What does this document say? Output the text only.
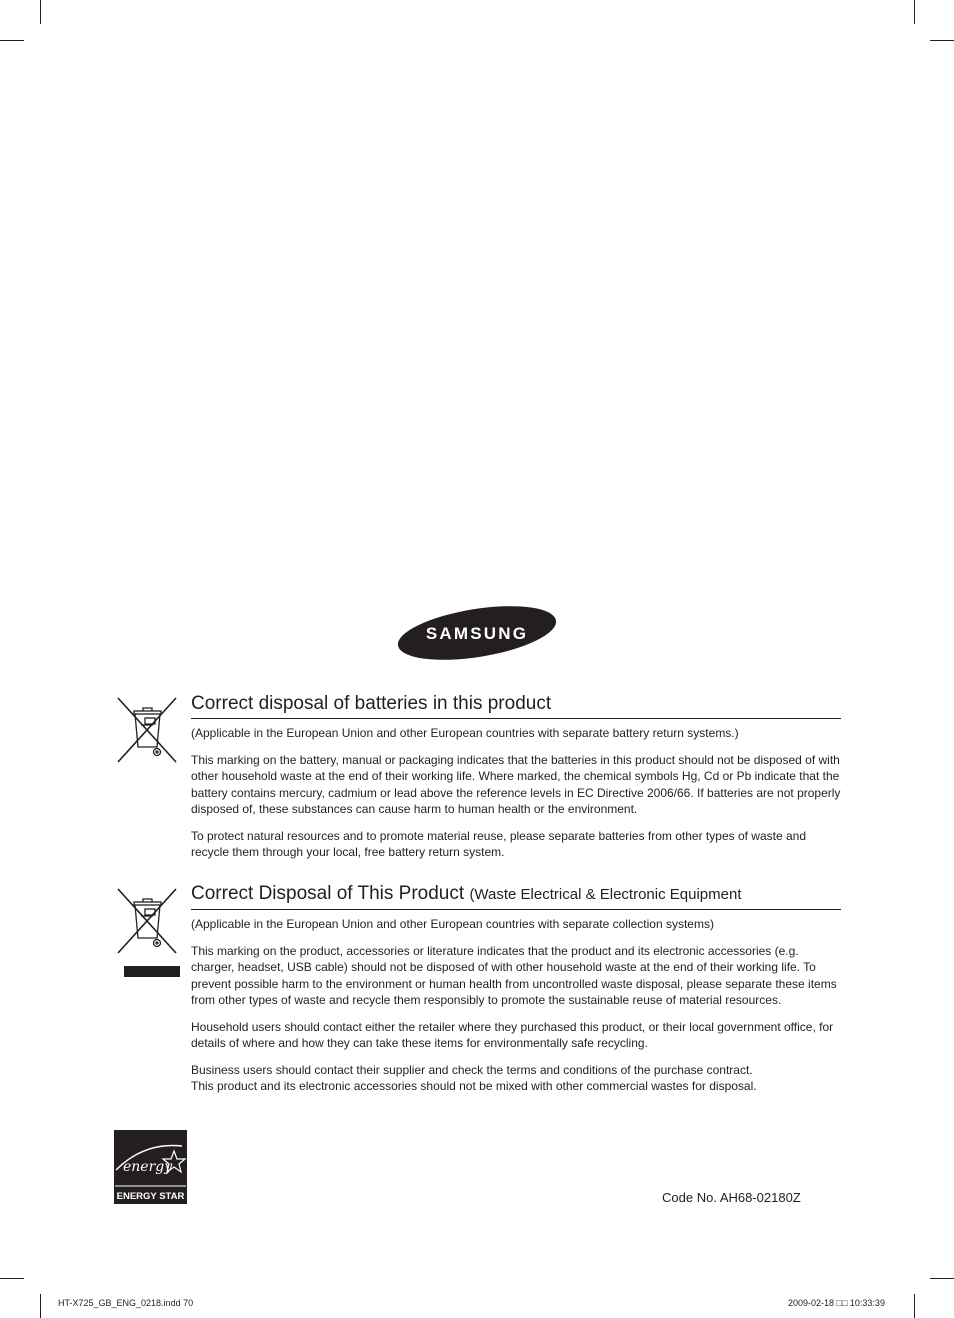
SAMSUNG
Correct disposal of batteries in this product

(Applicable in the European Union and other European countries with separate battery return systems.)

This marking on the battery, manual or packaging indicates that the batteries in this product should not be disposed of with other household waste at the end of their working life. Where marked, the chemical symbols Hg, Cd or Pb indicate that the battery contains mercury, cadmium or lead above the reference levels in EC Directive 2006/66. If batteries are not properly disposed of, these substances can cause harm to human health or the environment.

To protect natural resources and to promote material reuse, please separate batteries from other types of waste and recycle them through your local, free battery return system.

Correct Disposal of This Product (Waste Electrical & Electronic Equipment

(Applicable in the European Union and other European countries with separate collection systems)

This marking on the product, accessories or literature indicates that the product and its electronic accessories (e.g. charger, headset, USB cable) should not be disposed of with other household waste at the end of their working life. To prevent possible harm to the environment or human health from uncontrolled waste disposal, please separate these items from other types of waste and recycle them responsibly to promote the sustainable reuse of material resources.

Household users should contact either the retailer where they purchased this product, or their local government office, for details of where and how they can take these items for environmentally safe recycling.

Business users should contact their supplier and check the terms and conditions of the purchase contract.

This product and its electronic accessories should not be mixed with other commercial wastes for disposal.

energy
ENERGY STAR	Code No. AH68-02180Z
HT-X725_GB_ENG_0218.indd 70	2009-02-18 □□ 10:33:39
